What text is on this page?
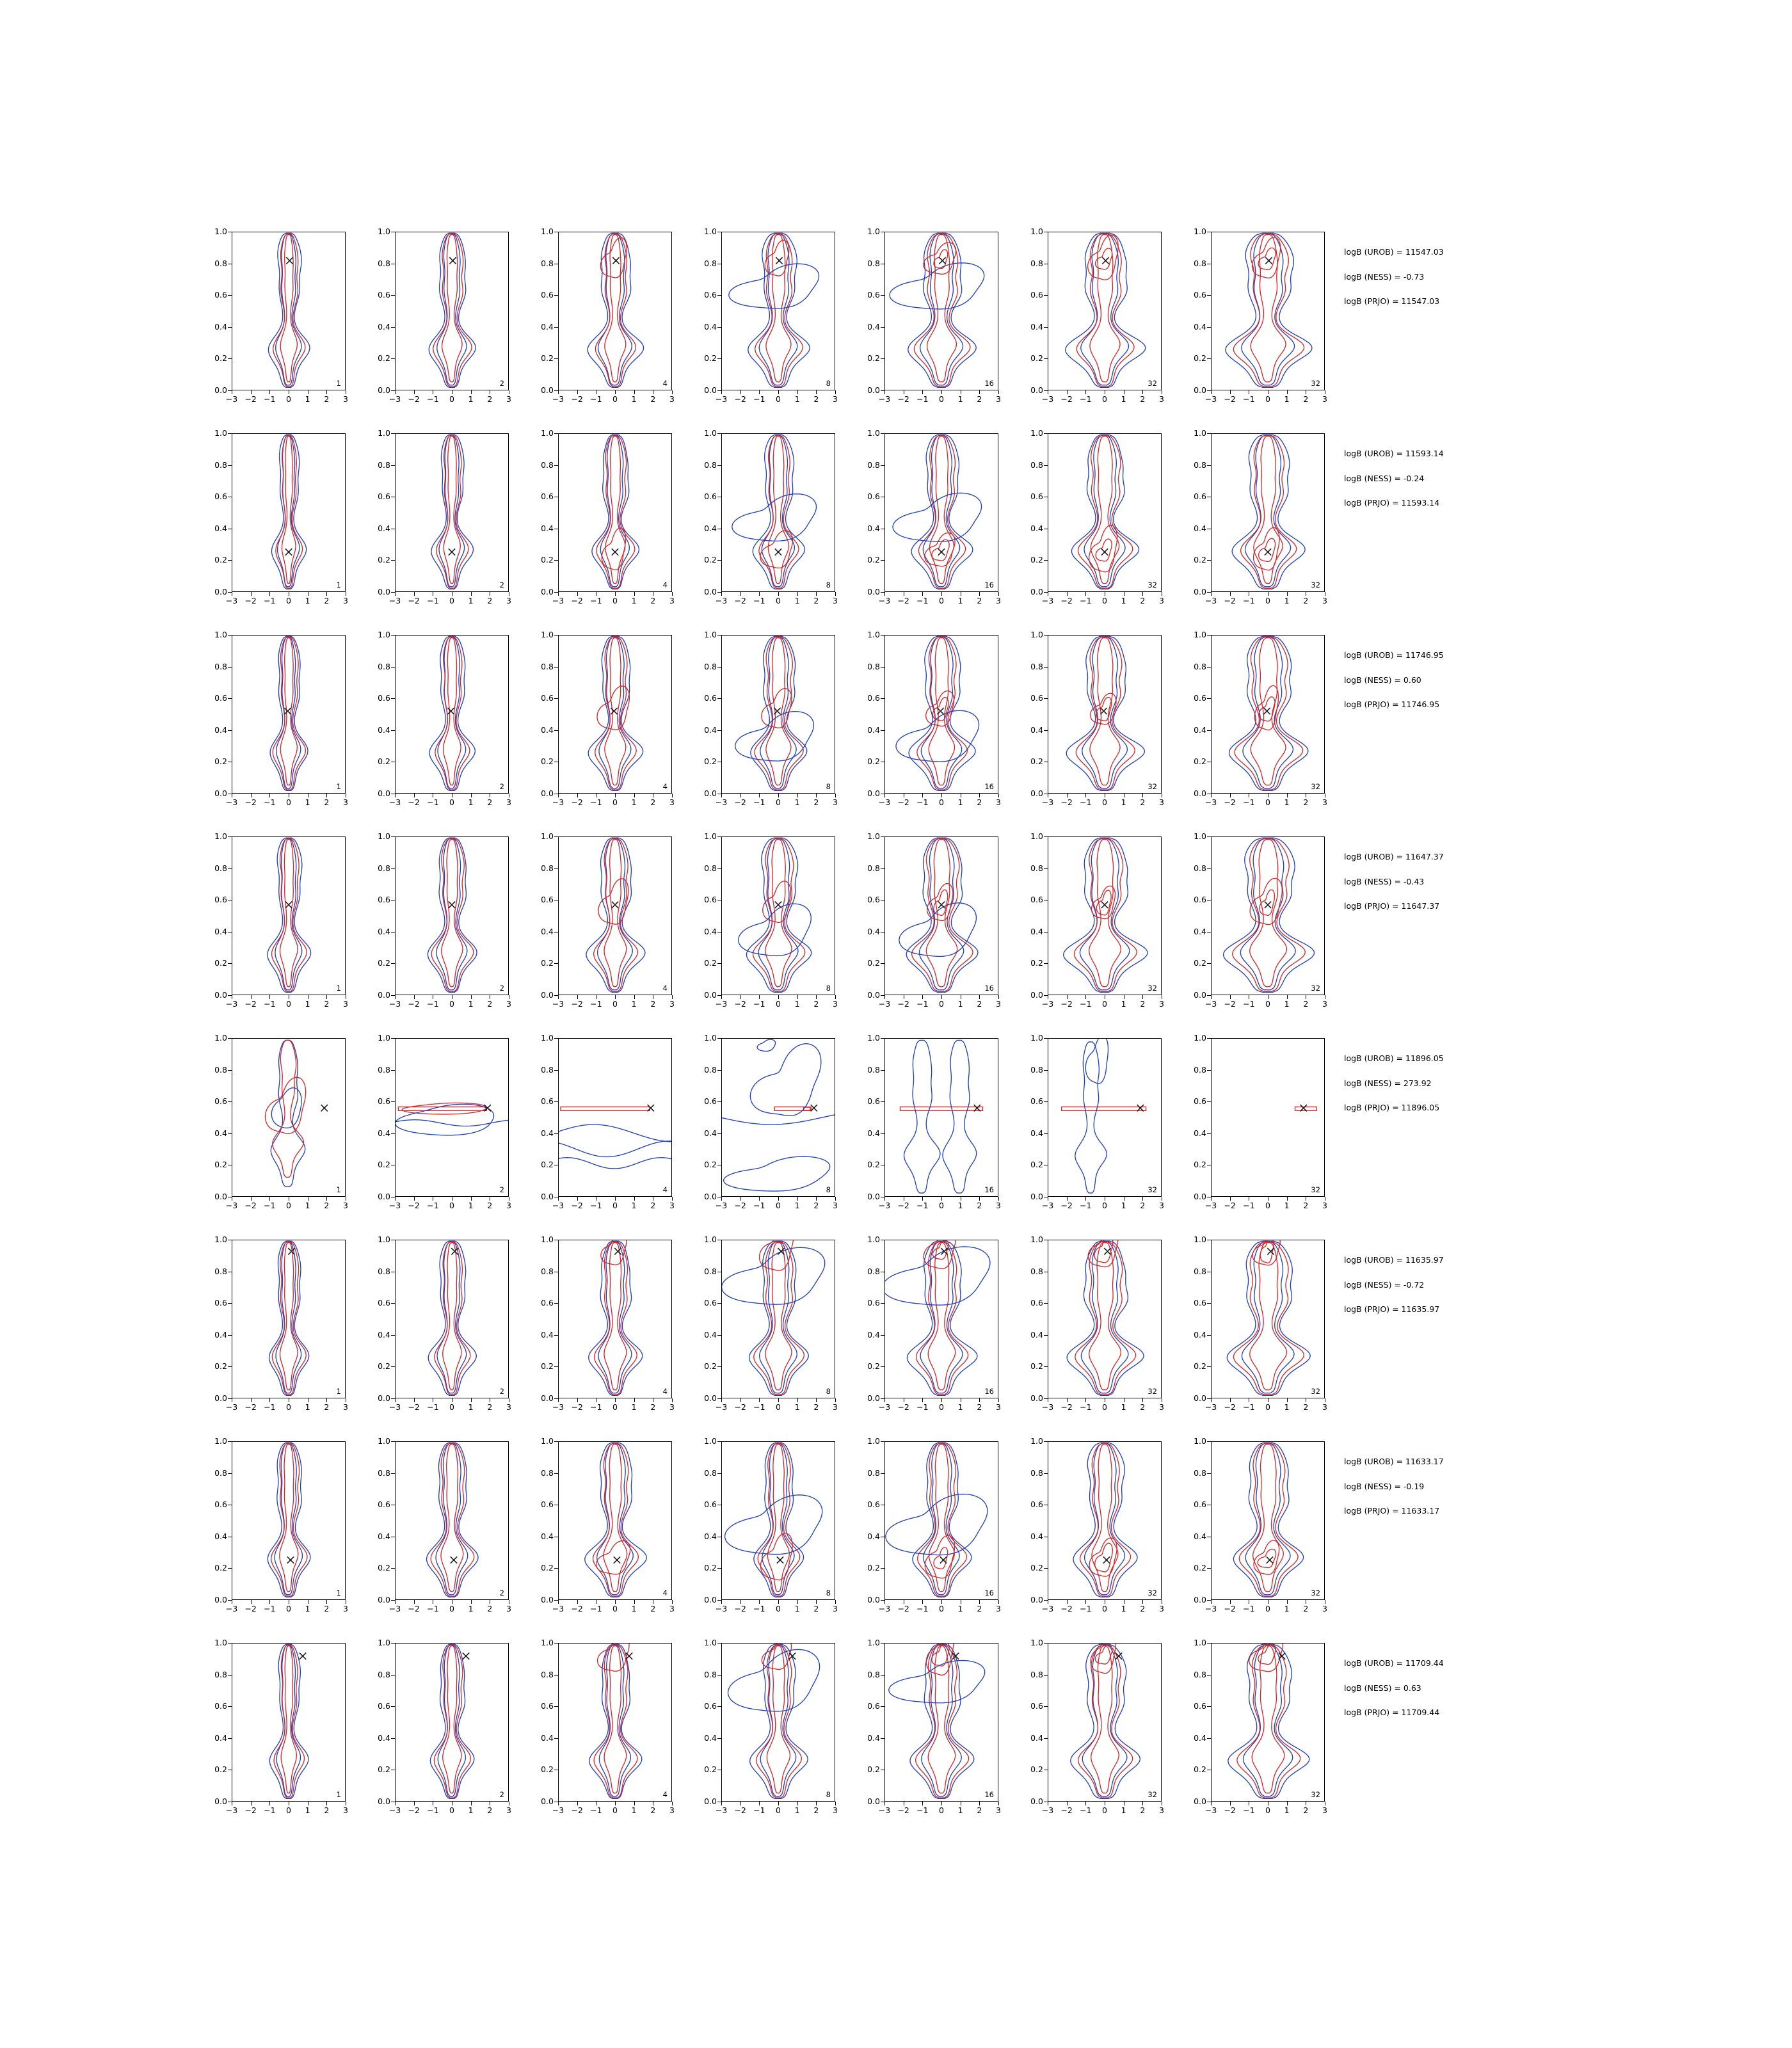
1
0.0
0.2
0.4
0.6
0.8
1.0
−3 −2 −1 0 1 2 3
2
0.0
0.2
0.4
0.6
0.8
1.0
−3 −2 −1 0 1 2 3
4
0.0
0.2
0.4
0.6
0.8
1.0
−3 −2 −1 0 1 2 3
8
0.0
0.2
0.4
0.6
0.8
1.0
−3 −2 −1 0 1 2 3
16
0.0
0.2
0.4
0.6
0.8
1.0
−3 −2 −1 0 1 2 3
32
0.0
0.2
0.4
0.6
0.8
1.0
−3 −2 −1 0 1 2 3
32
0.0
0.2
0.4
0.6
0.8
1.0
−3 −2 −1 0 1 2 3
logB (UROB) = 11547.03
logB (NESS) = -0.73
logB (PRJO) = 11547.03
1
0.0
0.2
0.4
0.6
0.8
1.0
−3 −2 −1 0 1 2 3
2
0.0
0.2
0.4
0.6
0.8
1.0
−3 −2 −1 0 1 2 3
4
0.0
0.2
0.4
0.6
0.8
1.0
−3 −2 −1 0 1 2 3
8
0.0
0.2
0.4
0.6
0.8
1.0
−3 −2 −1 0 1 2 3
16
0.0
0.2
0.4
0.6
0.8
1.0
−3 −2 −1 0 1 2 3
32
0.0
0.2
0.4
0.6
0.8
1.0
−3 −2 −1 0 1 2 3
32
0.0
0.2
0.4
0.6
0.8
1.0
−3 −2 −1 0 1 2 3
logB (UROB) = 11593.14
logB (NESS) = -0.24
logB (PRJO) = 11593.14
1
0.0
0.2
0.4
0.6
0.8
1.0
−3 −2 −1 0 1 2 3
2
0.0
0.2
0.4
0.6
0.8
1.0
−3 −2 −1 0 1 2 3
4
0.0
0.2
0.4
0.6
0.8
1.0
−3 −2 −1 0 1 2 3
8
0.0
0.2
0.4
0.6
0.8
1.0
−3 −2 −1 0 1 2 3
16
0.0
0.2
0.4
0.6
0.8
1.0
−3 −2 −1 0 1 2 3
32
0.0
0.2
0.4
0.6
0.8
1.0
−3 −2 −1 0 1 2 3
32
0.0
0.2
0.4
0.6
0.8
1.0
−3 −2 −1 0 1 2 3
logB (UROB) = 11746.95
logB (NESS) = 0.60
logB (PRJO) = 11746.95
1
0.0
0.2
0.4
0.6
0.8
1.0
−3 −2 −1 0 1 2 3
2
0.0
0.2
0.4
0.6
0.8
1.0
−3 −2 −1 0 1 2 3
4
0.0
0.2
0.4
0.6
0.8
1.0
−3 −2 −1 0 1 2 3
8
0.0
0.2
0.4
0.6
0.8
1.0
−3 −2 −1 0 1 2 3
16
0.0
0.2
0.4
0.6
0.8
1.0
−3 −2 −1 0 1 2 3
32
0.0
0.2
0.4
0.6
0.8
1.0
−3 −2 −1 0 1 2 3
32
0.0
0.2
0.4
0.6
0.8
1.0
−3 −2 −1 0 1 2 3
logB (UROB) = 11647.37
logB (NESS) = -0.43
logB (PRJO) = 11647.37
1
0.0
0.2
0.4
0.6
0.8
1.0
−3 −2 −1 0 1 2 3
2
0.0
0.2
0.4
0.6
0.8
1.0
−3 −2 −1 0 1 2 3
4
0.0
0.2
0.4
0.6
0.8
1.0
−3 −2 −1 0 1 2 3
8
0.0
0.2
0.4
0.6
0.8
1.0
−3 −2 −1 0 1 2 3
16
0.0
0.2
0.4
0.6
0.8
1.0
−3 −2 −1 0 1 2 3
32
0.0
0.2
0.4
0.6
0.8
1.0
−3 −2 −1 0 1 2 3
32
0.0
0.2
0.4
0.6
0.8
1.0
−3 −2 −1 0 1 2 3
logB (UROB) = 11896.05
logB (NESS) = 273.92
logB (PRJO) = 11896.05
1
0.0
0.2
0.4
0.6
0.8
1.0
−3 −2 −1 0 1 2 3
2
0.0
0.2
0.4
0.6
0.8
1.0
−3 −2 −1 0 1 2 3
4
0.0
0.2
0.4
0.6
0.8
1.0
−3 −2 −1 0 1 2 3
8
0.0
0.2
0.4
0.6
0.8
1.0
−3 −2 −1 0 1 2 3
16
0.0
0.2
0.4
0.6
0.8
1.0
−3 −2 −1 0 1 2 3
32
0.0
0.2
0.4
0.6
0.8
1.0
−3 −2 −1 0 1 2 3
32
0.0
0.2
0.4
0.6
0.8
1.0
−3 −2 −1 0 1 2 3
logB (UROB) = 11635.97
logB (NESS) = -0.72
logB (PRJO) = 11635.97
1
0.0
0.2
0.4
0.6
0.8
1.0
−3 −2 −1 0 1 2 3
2
0.0
0.2
0.4
0.6
0.8
1.0
−3 −2 −1 0 1 2 3
4
0.0
0.2
0.4
0.6
0.8
1.0
−3 −2 −1 0 1 2 3
8
0.0
0.2
0.4
0.6
0.8
1.0
−3 −2 −1 0 1 2 3
16
0.0
0.2
0.4
0.6
0.8
1.0
−3 −2 −1 0 1 2 3
32
0.0
0.2
0.4
0.6
0.8
1.0
−3 −2 −1 0 1 2 3
32
0.0
0.2
0.4
0.6
0.8
1.0
−3 −2 −1 0 1 2 3
logB (UROB) = 11633.17
logB (NESS) = -0.19
logB (PRJO) = 11633.17
1
0.0
0.2
0.4
0.6
0.8
1.0
−3 −2 −1 0 1 2 3
2
0.0
0.2
0.4
0.6
0.8
1.0
−3 −2 −1 0 1 2 3
4
0.0
0.2
0.4
0.6
0.8
1.0
−3 −2 −1 0 1 2 3
8
0.0
0.2
0.4
0.6
0.8
1.0
−3 −2 −1 0 1 2 3
16
0.0
0.2
0.4
0.6
0.8
1.0
−3 −2 −1 0 1 2 3
32
0.0
0.2
0.4
0.6
0.8
1.0
−3 −2 −1 0 1 2 3
32
0.0
0.2
0.4
0.6
0.8
1.0
−3 −2 −1 0 1 2 3
logB (UROB) = 11709.44
logB (NESS) = 0.63
logB (PRJO) = 11709.44
